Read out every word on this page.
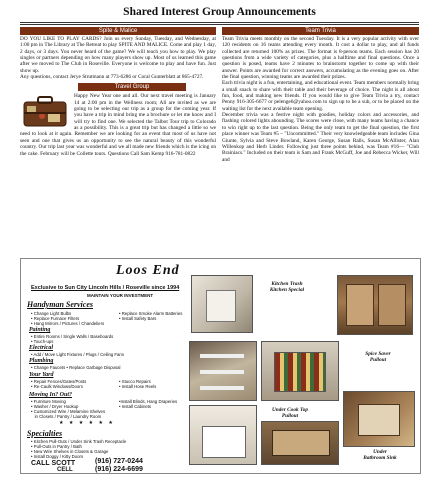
Shared Interest Group Announcements
Spite & Malice

DO YOU LIKE TO PLAY CARDS? Join us every Sunday, Tuesday, and Wednesday, at 1:00 pm in The Library at The Retreat to play SPITE AND MALICE. Come and play 1 day, 2 days, or 3 days. You never heard of the game? We will teach you how to play. We play singles or partners depending on how many players show up. Most of us learned this game after we moved to The Club in Roseville. Everyone is welcome to play and have fun. Just show up.
Any questions, contact Jerye Strutmann at 773-6286 or Coral Gunterblatt at 865-4727.

Travel Group

Happy New Year one and all. Our next travel meeting is January 14 at 2:00 pm in the Wellness room; All are invited as we are going to be selecting our trip as a group for the coming year. If you have a trip in mind bring me a brochure or let me know and I will try to find one. We selected the Talbot Tour trip to Colorado as a possibility. This is a great trip but has changed a little so we need to look at it again. Remember we are looking for an event that most of us have not seen and one that gives us an opportunity to see the natural beauty of this wonderful country. Our trip last year was wonderful and we all made new friends which is the icing on the cake. February will be Collette tours. Questions Call Sam Kemp 916-781-0822

Team Trivia

Team Trivia meets monthly on the second Tuesday. It is a very popular activity with over 120 residents on 16 teams attending every month. It cost a dollar to play, and all funds collected are returned 100% as prizes. The format is 8-person teams. Each session has 20 questions from a wide variety of categories, plus a halftime and final questions. Once a question is posed, teams have 2 minutes to brainstorm together to come up with their answer. Points are awarded for correct answers, accumulating as the evening goes on. After the final question, winning teams are awarded their prizes.
Each trivia night is a fun, entertaining, and educational event. Team members normally bring a small snack to share with their table and their beverage of choice. The night is all about fun, food, and making new friends. If you would like to give Team Trivia a try, contact Penny 916-305-6677 or pelenge6@yahoo.com to sign up to be a sub, or to be placed on the waiting list for the next available team opening.
December trivia was a festive night with goodies, holiday colors and accessories, and flashing colored lights abounding. The scores were close, with many teams having a chance to win right up to the last question. Being the only team to get the final question, the first place winner was Team #5 – "Uncommitted." Their very knowledgeable team includes Gina Giunte, Sylvia and Steve Bowland, Karen George, Susan Ralls, Susan McAllister, Alan Willenkop and Herb Linder. Following just three points behind, was Team #16— "Club Brainiacs." Included on their team is Sam and Frank McGuff, Joe and Rebecca Wicker, Will and

Loos End
Exclusive to Sun City Lincoln Hills / Roseville since 1994
MAINTAIN YOUR INVESTMENT
Handyman Services
• Change Light Bulbs
• Replace Furnace Filters
• Hang Mirrors / Pictures / Chandeliers
• Replace Smoke Alarm Batteries
• Install Safety Bars
Painting
• Entire Rooms / Single Walls / Baseboards
• Touch-ups
Electrical
• Add / Move Light Fixtures / Plugs / Ceiling Fans
Plumbing
• Change Faucets • Replace Garbage Disposal
Your Yard
• Repair Fences/Gates/Posts
• Re-Caulk Windows/Doors
• Stucco Repairs
• Install Hose Reels
Moving In? Out?
• Furniture Moving
• Washer / Dryer Hookup
• Customized Wire / Melamine Shelves
in Closets / Pantry / Laundry Room
•Install Blinds, Hang Draperies
• Install Cabinets
★ ★ ★ ★ ★ ★
Specialties
• Kitchen Pull-Outs / Under Sink Trash Receptacle
• Pull-Outs in Pantry / Bath
• New Wire Shelves in Closets & Garage
• Install Doggy / Kitty Doors
CALL SCOTT
CELL
(916) 727-0244
(916) 224-6699
Kitchen Trash
Kitchen Special
Spice Saver
Pullout
Under Cook Top
Pullout
Under
Bathroom Sink
